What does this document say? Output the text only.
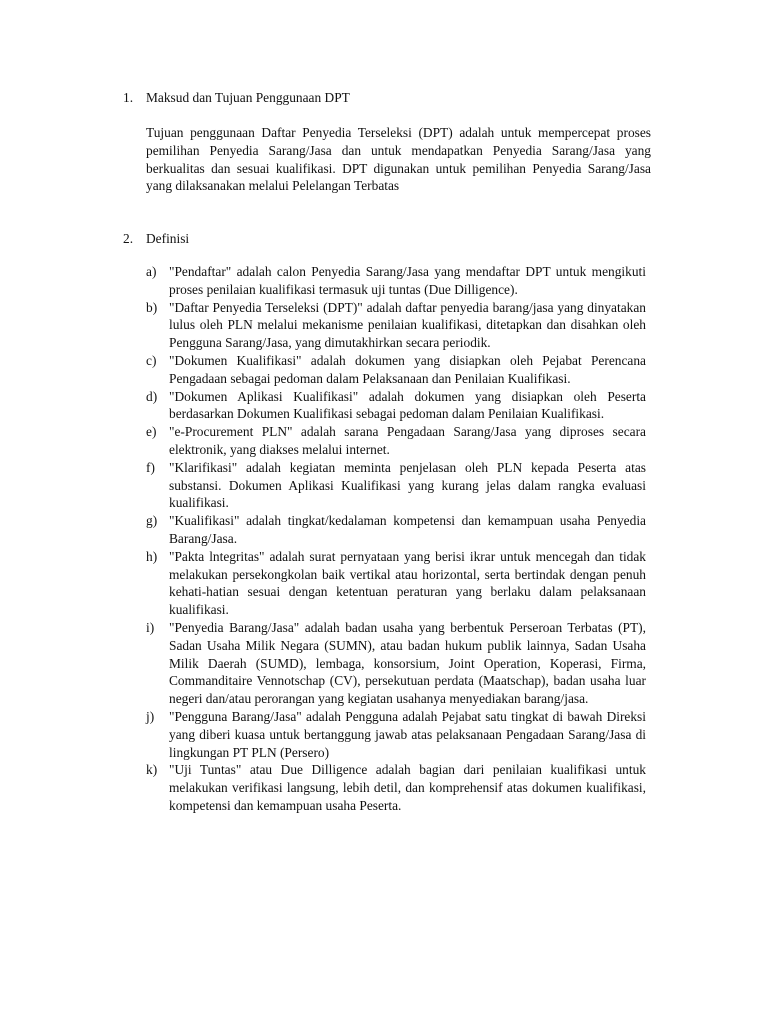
1. Maksud dan Tujuan Penggunaan DPT
Tujuan penggunaan Daftar Penyedia Terseleksi (DPT) adalah untuk mempercepat proses pemilihan Penyedia Sarang/Jasa dan untuk mendapatkan Penyedia Sarang/Jasa yang berkualitas dan sesuai kualifikasi. DPT digunakan untuk pemilihan Penyedia Sarang/Jasa yang dilaksanakan melalui Pelelangan Terbatas
2. Definisi
a) "Pendaftar" adalah calon Penyedia Sarang/Jasa yang mendaftar DPT untuk mengikuti proses penilaian kualifikasi termasuk uji tuntas (Due Dilligence).
b) "Daftar Penyedia Terseleksi (DPT)" adalah daftar penyedia barang/jasa yang dinyatakan lulus oleh PLN melalui mekanisme penilaian kualifikasi, ditetapkan dan disahkan oleh Pengguna Sarang/Jasa, yang dimutakhirkan secara periodik.
c) "Dokumen Kualifikasi" adalah dokumen yang disiapkan oleh Pejabat Perencana Pengadaan sebagai pedoman dalam Pelaksanaan dan Penilaian Kualifikasi.
d) "Dokumen Aplikasi Kualifikasi" adalah dokumen yang disiapkan oleh Peserta berdasarkan Dokumen Kualifikasi sebagai pedoman dalam Penilaian Kualifikasi.
e) "e-Procurement PLN" adalah sarana Pengadaan Sarang/Jasa yang diproses secara elektronik, yang diakses melalui internet.
f) "Klarifikasi" adalah kegiatan meminta penjelasan oleh PLN kepada Peserta atas substansi. Dokumen Aplikasi Kualifikasi yang kurang jelas dalam rangka evaluasi kualifikasi.
g) "Kualifikasi" adalah tingkat/kedalaman kompetensi dan kemampuan usaha Penyedia Barang/Jasa.
h) "Pakta lntegritas" adalah surat pernyataan yang berisi ikrar untuk mencegah dan tidak melakukan persekongkolan baik vertikal atau horizontal, serta bertindak dengan penuh kehati-hatian sesuai dengan ketentuan peraturan yang berlaku dalam pelaksanaan kualifikasi.
i) "Penyedia Barang/Jasa" adalah badan usaha yang berbentuk Perseroan Terbatas (PT), Sadan Usaha Milik Negara (SUMN), atau badan hukum publik lainnya, Sadan Usaha Milik Daerah (SUMD), lembaga, konsorsium, Joint Operation, Koperasi, Firma, Commanditaire Vennotschap (CV), persekutuan perdata (Maatschap), badan usaha luar negeri dan/atau perorangan yang kegiatan usahanya menyediakan barang/jasa.
j) "Pengguna Barang/Jasa" adalah Pengguna adalah Pejabat satu tingkat di bawah Direksi yang diberi kuasa untuk bertanggung jawab atas pelaksanaan Pengadaan Sarang/Jasa di lingkungan PT PLN (Persero)
k) "Uji Tuntas" atau Due Dilligence adalah bagian dari penilaian kualifikasi untuk melakukan verifikasi langsung, lebih detil, dan komprehensif atas dokumen kualifikasi, kompetensi dan kemampuan usaha Peserta.
